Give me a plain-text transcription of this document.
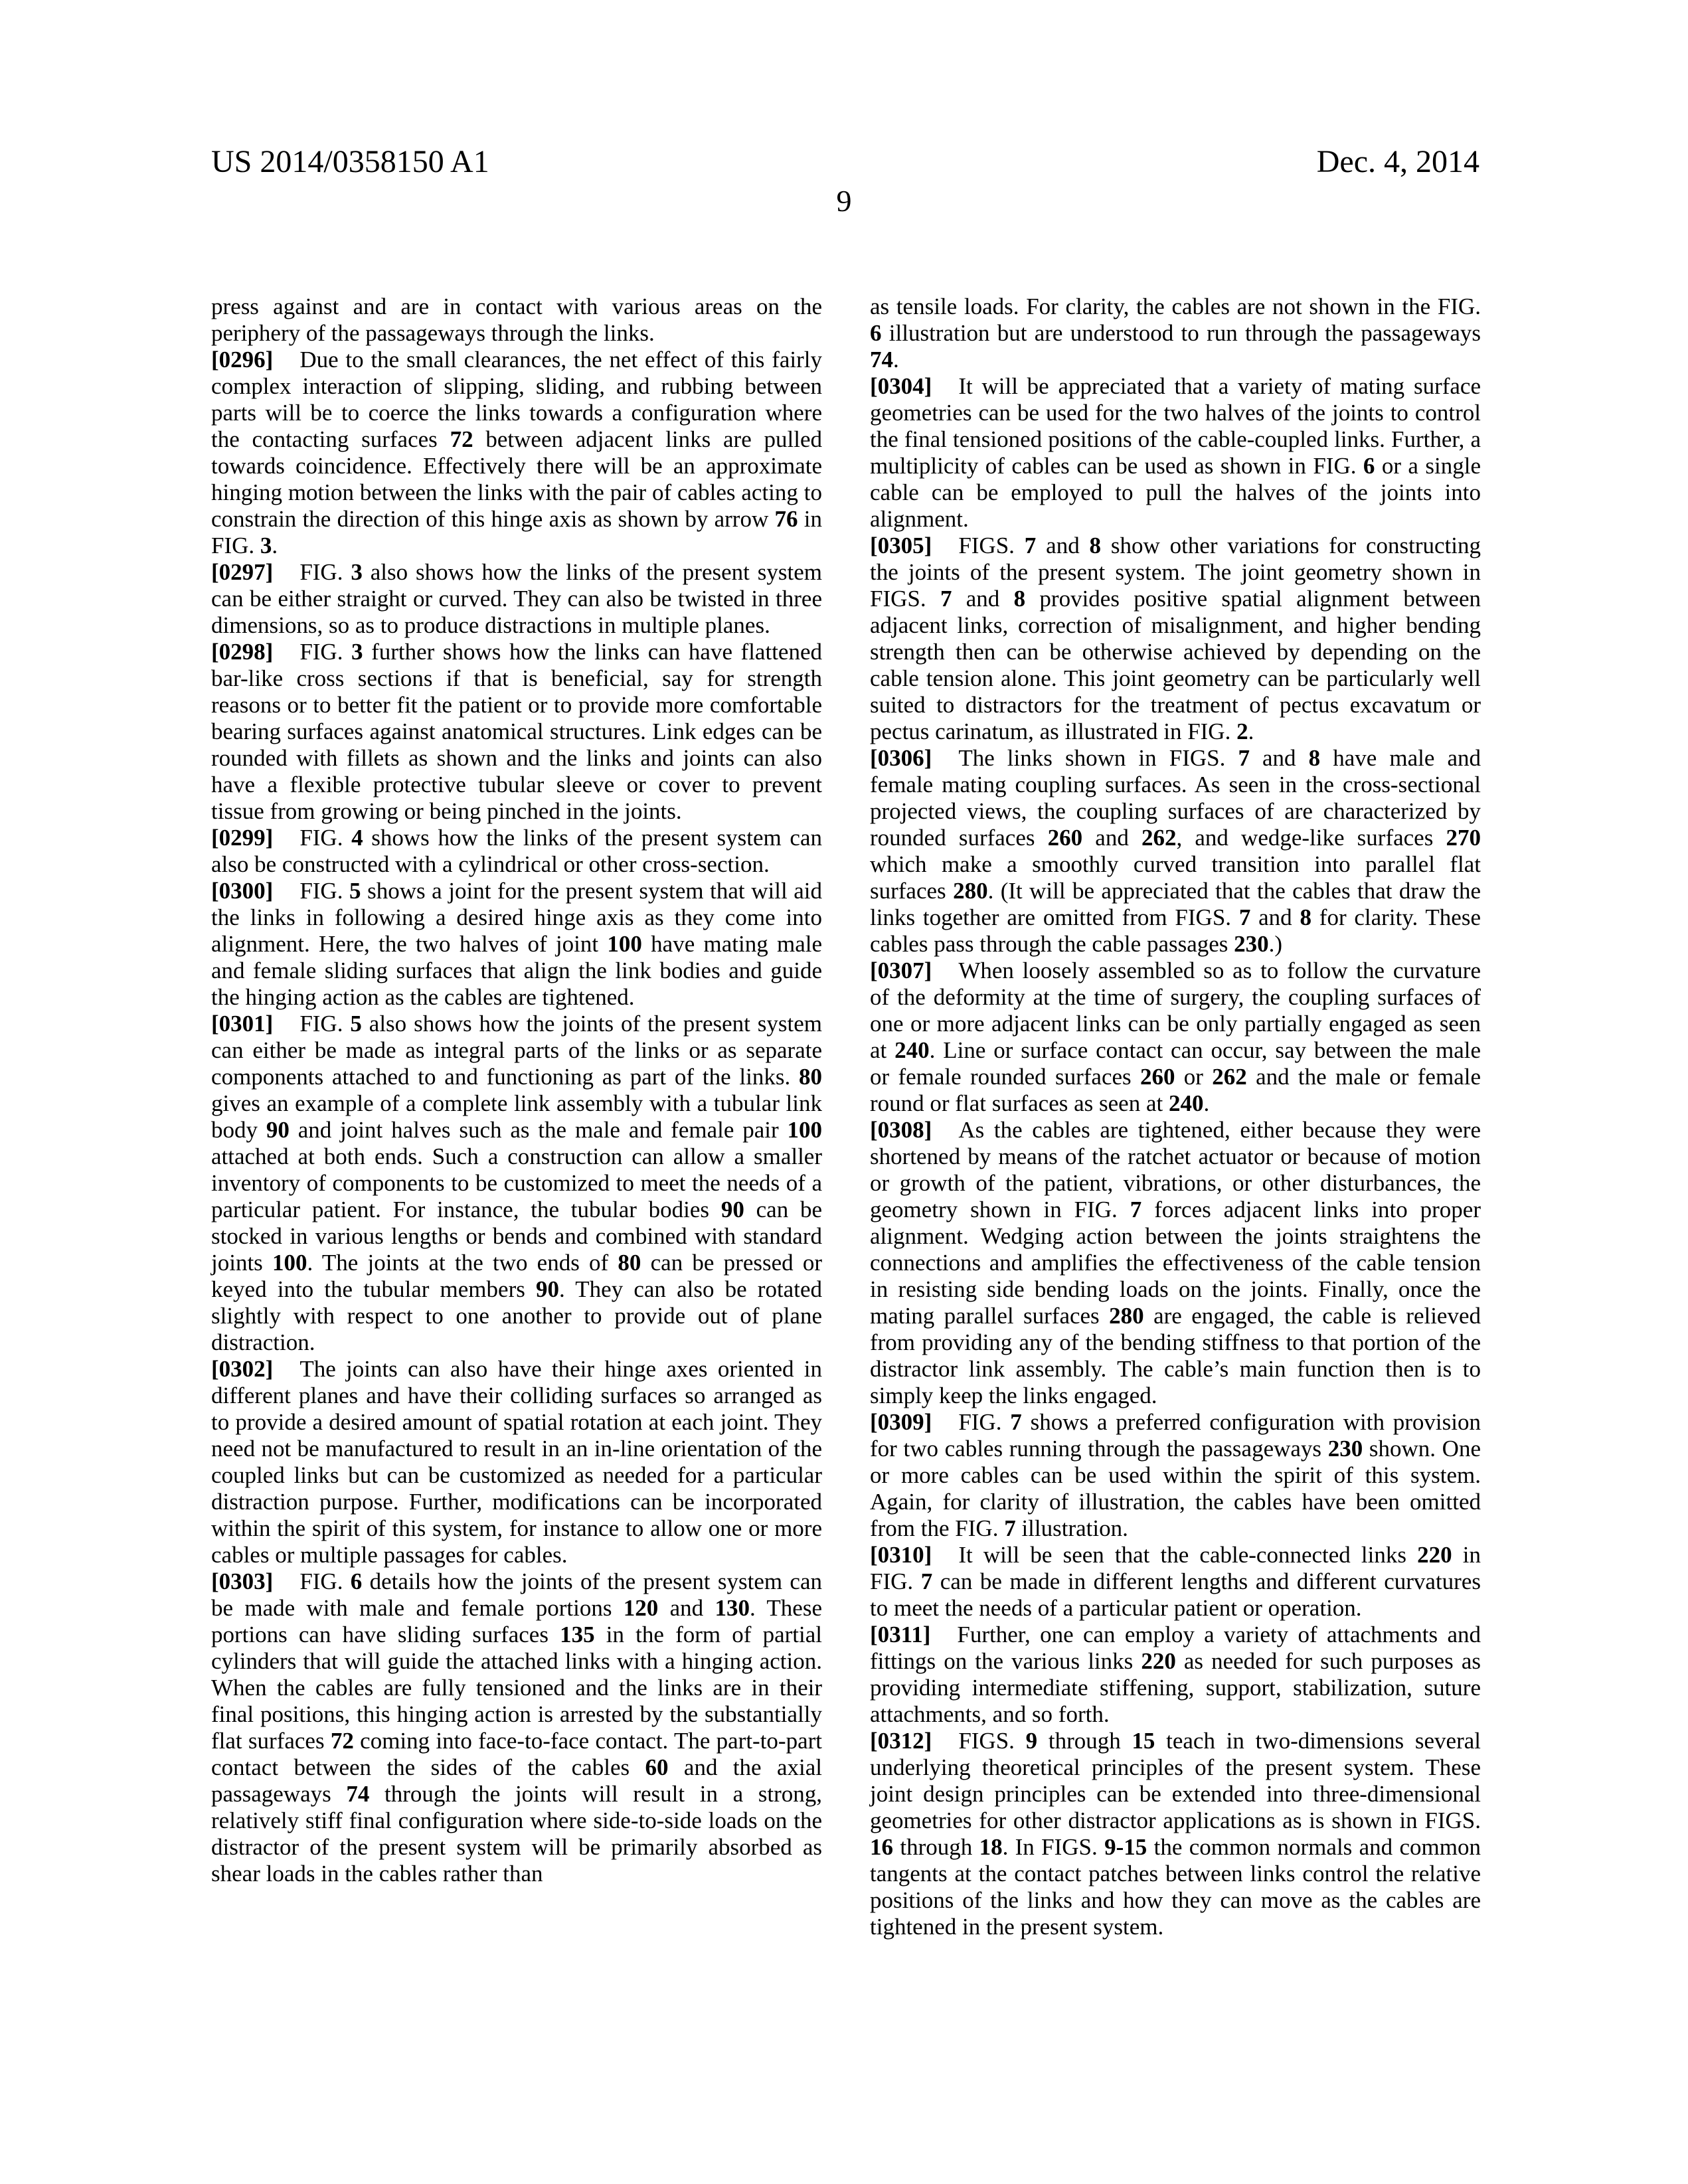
US 2014/0358150 A1	Dec. 4, 2014
9

press against and are in contact with various areas on the periphery of the passageways through the links.

[0296] Due to the small clearances, the net effect of this fairly complex interaction of slipping, sliding, and rubbing between parts will be to coerce the links towards a configuration where the contacting surfaces 72 between adjacent links are pulled towards coincidence. Effectively there will be an approximate hinging motion between the links with the pair of cables acting to constrain the direction of this hinge axis as shown by arrow 76 in FIG. 3.

[0297] FIG. 3 also shows how the links of the present system can be either straight or curved. They can also be twisted in three dimensions, so as to produce distractions in multiple planes.

[0298] FIG. 3 further shows how the links can have flattened bar-like cross sections if that is beneficial, say for strength reasons or to better fit the patient or to provide more comfortable bearing surfaces against anatomical structures. Link edges can be rounded with fillets as shown and the links and joints can also have a flexible protective tubular sleeve or cover to prevent tissue from growing or being pinched in the joints.

[0299] FIG. 4 shows how the links of the present system can also be constructed with a cylindrical or other cross-section.

[0300] FIG. 5 shows a joint for the present system that will aid the links in following a desired hinge axis as they come into alignment. Here, the two halves of joint 100 have mating male and female sliding surfaces that align the link bodies and guide the hinging action as the cables are tightened.

[0301] FIG. 5 also shows how the joints of the present system can either be made as integral parts of the links or as separate components attached to and functioning as part of the links. 80 gives an example of a complete link assembly with a tubular link body 90 and joint halves such as the male and female pair 100 attached at both ends. Such a construction can allow a smaller inventory of components to be customized to meet the needs of a particular patient. For instance, the tubular bodies 90 can be stocked in various lengths or bends and combined with standard joints 100. The joints at the two ends of 80 can be pressed or keyed into the tubular members 90. They can also be rotated slightly with respect to one another to provide out of plane distraction.

[0302] The joints can also have their hinge axes oriented in different planes and have their colliding surfaces so arranged as to provide a desired amount of spatial rotation at each joint. They need not be manufactured to result in an in-line orientation of the coupled links but can be customized as needed for a particular distraction purpose. Further, modifications can be incorporated within the spirit of this system, for instance to allow one or more cables or multiple passages for cables.

[0303] FIG. 6 details how the joints of the present system can be made with male and female portions 120 and 130. These portions can have sliding surfaces 135 in the form of partial cylinders that will guide the attached links with a hinging action. When the cables are fully tensioned and the links are in their final positions, this hinging action is arrested by the substantially flat surfaces 72 coming into face-to-face contact. The part-to-part contact between the sides of the cables 60 and the axial passageways 74 through the joints will result in a strong, relatively stiff final configuration where side-to-side loads on the distractor of the present system will be primarily absorbed as shear loads in the cables rather than

as tensile loads. For clarity, the cables are not shown in the FIG. 6 illustration but are understood to run through the passageways 74.

[0304] It will be appreciated that a variety of mating surface geometries can be used for the two halves of the joints to control the final tensioned positions of the cable-coupled links. Further, a multiplicity of cables can be used as shown in FIG. 6 or a single cable can be employed to pull the halves of the joints into alignment.

[0305] FIGS. 7 and 8 show other variations for constructing the joints of the present system. The joint geometry shown in FIGS. 7 and 8 provides positive spatial alignment between adjacent links, correction of misalignment, and higher bending strength then can be otherwise achieved by depending on the cable tension alone. This joint geometry can be particularly well suited to distractors for the treatment of pectus excavatum or pectus carinatum, as illustrated in FIG. 2.

[0306] The links shown in FIGS. 7 and 8 have male and female mating coupling surfaces. As seen in the cross-sectional projected views, the coupling surfaces of are characterized by rounded surfaces 260 and 262, and wedge-like surfaces 270 which make a smoothly curved transition into parallel flat surfaces 280. (It will be appreciated that the cables that draw the links together are omitted from FIGS. 7 and 8 for clarity. These cables pass through the cable passages 230.)

[0307] When loosely assembled so as to follow the curvature of the deformity at the time of surgery, the coupling surfaces of one or more adjacent links can be only partially engaged as seen at 240. Line or surface contact can occur, say between the male or female rounded surfaces 260 or 262 and the male or female round or flat surfaces as seen at 240.

[0308] As the cables are tightened, either because they were shortened by means of the ratchet actuator or because of motion or growth of the patient, vibrations, or other disturbances, the geometry shown in FIG. 7 forces adjacent links into proper alignment. Wedging action between the joints straightens the connections and amplifies the effectiveness of the cable tension in resisting side bending loads on the joints. Finally, once the mating parallel surfaces 280 are engaged, the cable is relieved from providing any of the bending stiffness to that portion of the distractor link assembly. The cable’s main function then is to simply keep the links engaged.

[0309] FIG. 7 shows a preferred configuration with provision for two cables running through the passageways 230 shown. One or more cables can be used within the spirit of this system. Again, for clarity of illustration, the cables have been omitted from the FIG. 7 illustration.

[0310] It will be seen that the cable-connected links 220 in FIG. 7 can be made in different lengths and different curvatures to meet the needs of a particular patient or operation.

[0311] Further, one can employ a variety of attachments and fittings on the various links 220 as needed for such purposes as providing intermediate stiffening, support, stabilization, suture attachments, and so forth.

[0312] FIGS. 9 through 15 teach in two-dimensions several underlying theoretical principles of the present system. These joint design principles can be extended into three-dimensional geometries for other distractor applications as is shown in FIGS. 16 through 18. In FIGS. 9-15 the common normals and common tangents at the contact patches between links control the relative positions of the links and how they can move as the cables are tightened in the present system.
